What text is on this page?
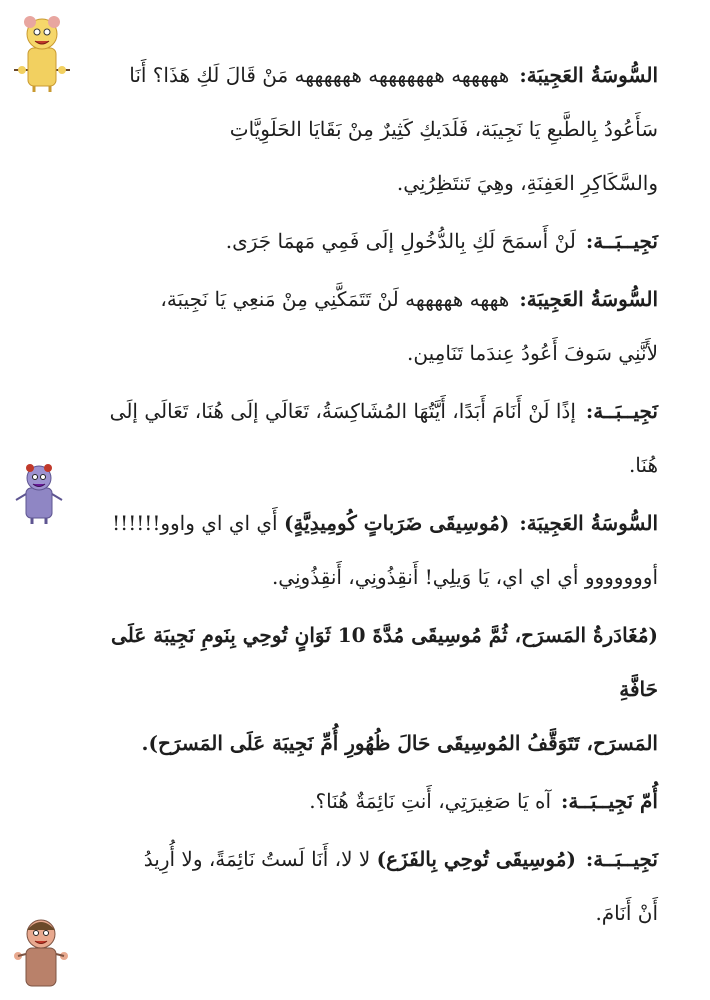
السُّوسَةُ العَجِيبَة:هههههه هههههههه ههههههه مَنْ قَالَ لَكِ هَذَا؟ أَنَا
سَأَعُودُ بِالطَّبعِ يَا نَجِيبَة، فَلَدَيكِ كَثِيرٌ مِنْ بَقَايَا الحَلَوِيَّاتِ
والسَّكَاكِرِ العَفِنَةِ، وهِيَ تَنتَظِرُنِي.

نَجِيــبَــة:لَنْ أَسمَحَ لَكِ بِالدُّخُولِ إلَى فَمِي مَهمَا جَرَى.

السُّوسَةُ العَجِيبَة:هههه هههههه لَنْ تَتَمَكَّنِي مِنْ مَنعِي يَا نَجِيبَة،
لأَنَّنِي سَوفَ أَعُودُ عِندَما تَنَامِين.

نَجِيــبَــة:إذًا لَنْ أَنَامَ أَبَدًا، أَيَّتُهَا المُشَاكِسَةُ، تَعَالَي إلَى هُنَا، تَعَالَي إلَى
هُنَا.

السُّوسَةُ العَجِيبَة:(مُوسِيقَى ضَرَباتٍ كُومِيدِيَّةٍ) أَي اي اي واوو!!!!!!
أووووووو أي اي اي، يَا وَيلِي! أَنقِذُونِي، أَنقِذُونِي.

(مُغَادَرةُ المَسرَح، ثُمَّ مُوسِيقَى مُدَّةَ 10 ثَوَانٍ تُوحِي بِنَومِ نَجِيبَة عَلَى حَافَّةِ
المَسرَح، تَتَوَقَّفُ المُوسِيقَى حَالَ ظُهُورِ أُمِّ نَجِيبَة عَلَى المَسرَح).

أُمّ نَجِيــبَــة:آه يَا صَغِيرَتِي، أَنتِ نَائِمَةٌ هُنَا؟.

نَجِيــبَــة:(مُوسِيقَى تُوحِي بِالفَزَع) لا لا، أَنَا لَستُ نَائِمَةً، ولا أُرِيدُ
أَنْ أَنَامَ.
